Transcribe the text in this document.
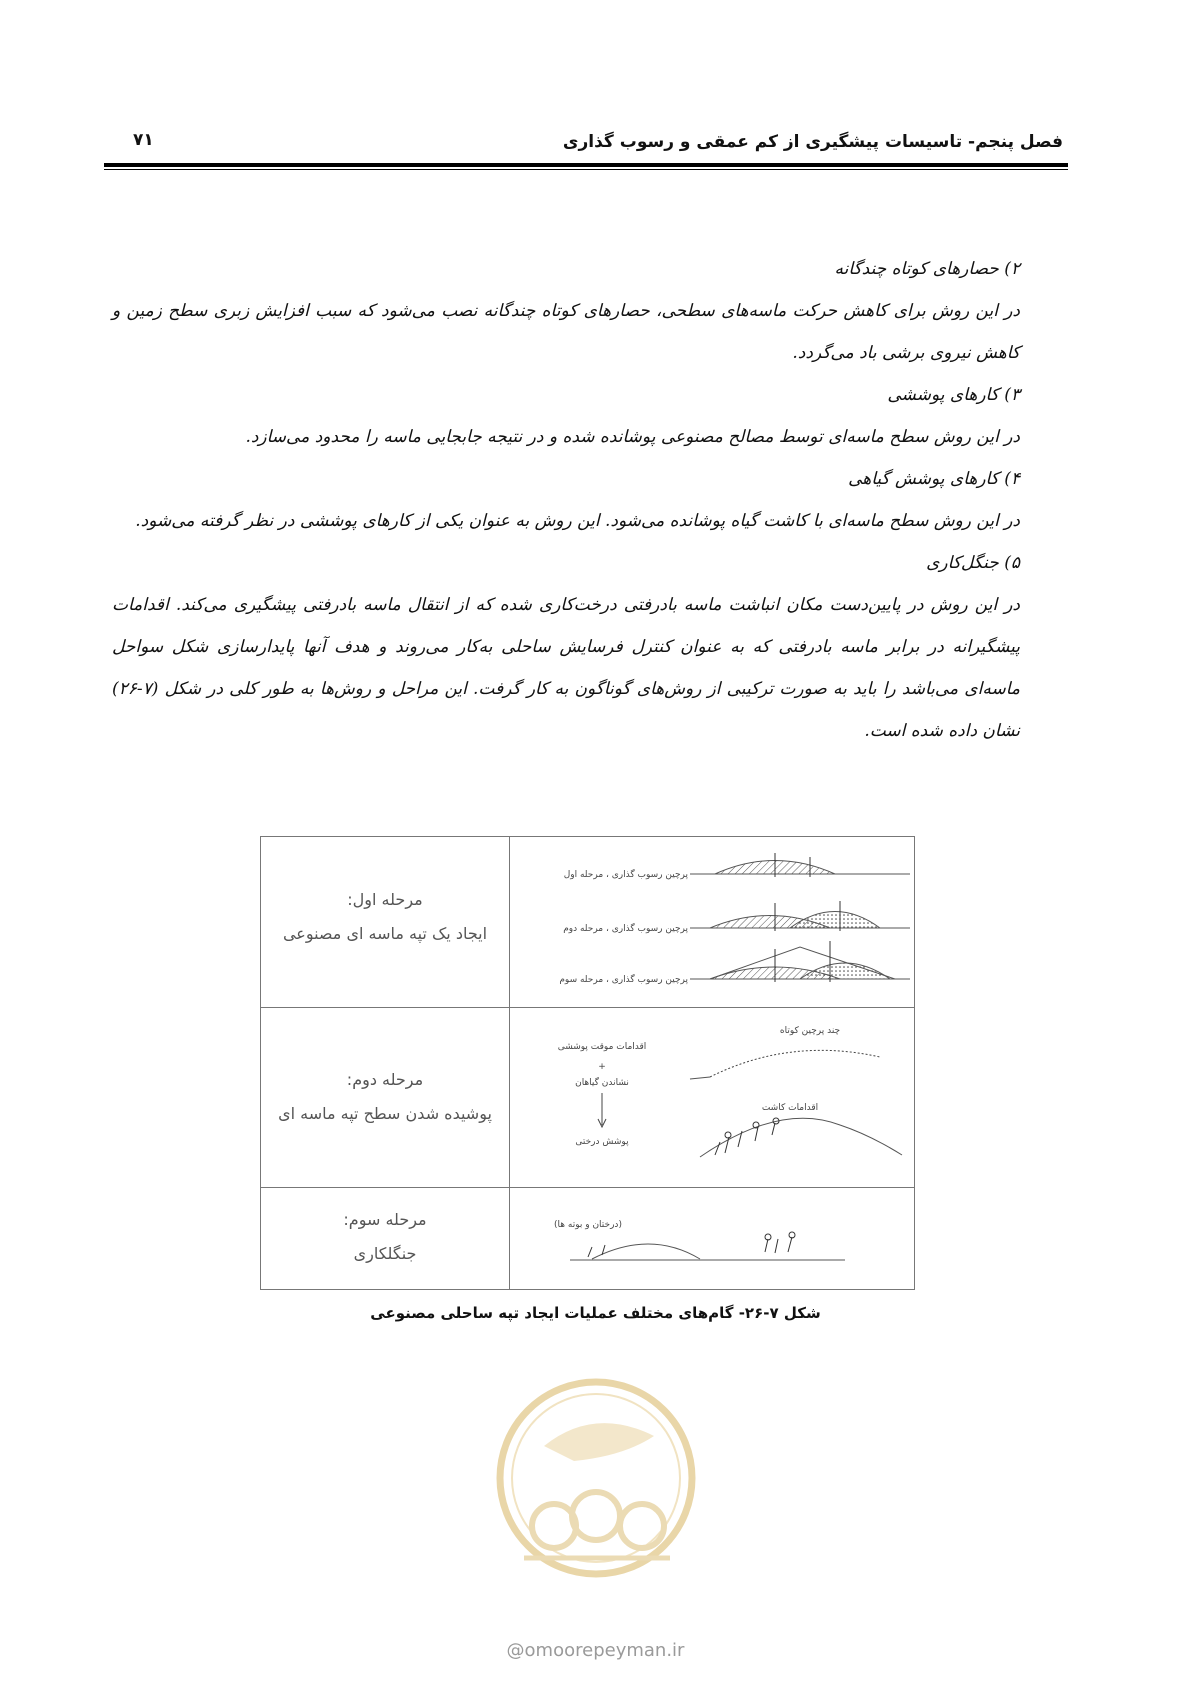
فصل پنجم- تاسیسات پیشگیری از کم عمقی و رسوب گذاری
۷۱

۲) حصارهای کوتاه چندگانه

در این روش برای کاهش حرکت ماسه‌های سطحی، حصارهای کوتاه چندگانه نصب می‌شود که سبب افزایش زبری سطح زمین و کاهش نیروی برشی باد می‌گردد.

۳) کارهای پوششی

در این روش سطح ماسه‌ای توسط مصالح مصنوعی پوشانده شده و در نتیجه جابجایی ماسه را محدود می‌سازد.

۴) کارهای پوشش گیاهی

در این روش سطح ماسه‌ای با کاشت گیاه پوشانده می‌شود. این روش به عنوان یکی از کارهای پوششی در نظر گرفته می‌شود.

۵) جنگل‌کاری

در این روش در پایین‌دست مکان انباشت ماسه بادرفتی درخت‌کاری شده که از انتقال ماسه بادرفتی پیشگیری می‌کند. اقدامات پیشگیرانه در برابر ماسه بادرفتی که به عنوان کنترل فرسایش ساحلی به‌کار می‌روند و هدف آنها پایدارسازی شکل سواحل ماسه‌ای می‌باشد را باید به صورت ترکیبی از روش‌های گوناگون به کار گرفت. این مراحل و روش‌ها به طور کلی در شکل (۷-۲۶) نشان داده شده است.

مرحله اول:
ایجاد یک تپه ماسه ای مصنوعی
پرچین رسوب گذاری ، مرحله اول
پرچین رسوب گذاری ، مرحله دوم
پرچین رسوب گذاری ، مرحله سوم
مرحله دوم:
پوشیده شدن سطح تپه ماسه ای
اقدامات موقت پوششی
+
نشاندن گیاهان
پوشش درختی
چند پرچین کوتاه
اقدامات کاشت
مرحله سوم:
جنگلکاری
(درختان و بوته ها)
شکل ۷-۲۶- گام‌های مختلف عملیات ایجاد تپه ساحلی مصنوعی
@omoorepeyman.ir
